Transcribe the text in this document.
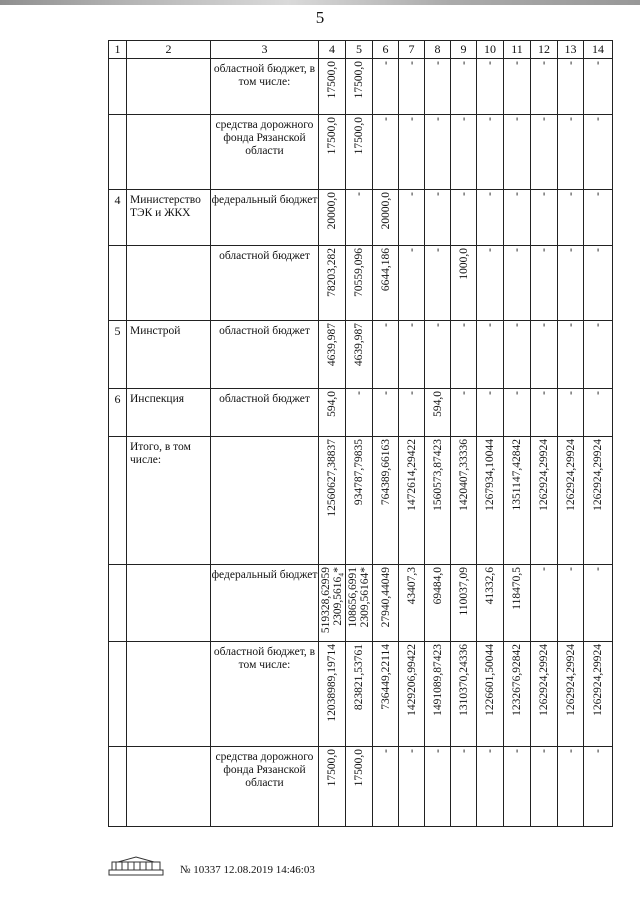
5
1	2	3	4	5	6	7	8	9	10	11	12	13	14
		областной бюджет, в том числе:	17500,0	17500,0	-	-	-	-	-	-	-	-	-

		средства дорожного фонда Рязанской области	17500,0	17500,0	-	-	-	-	-	-	-	-	-

4	Министерство ТЭК и ЖКХ	федеральный бюджет	20000,0	-	20000,0	-	-	-	-	-	-	-	-

		областной бюджет	78203,282	70559,096	6644,186	-	-	1000,0	-	-	-	-	-

5	Минстрой	областной бюджет	4639,987	4639,987	-	-	-	-	-	-	-	-	-

6	Инспекция	областной бюджет	594,0	-	-	-	594,0	-	-	-	-	-	-

	Итого, в том числе:		12560627,38837	934787,79835	764389,66163	1472614,29422	1560573,87423	1420407,33336	1267934,10044	1351147,42842	1262924,29924	1262924,29924	1262924,29924

		федеральный бюджет	519328,62959 2309,5616₄*	108656,6991 2309,56164*	27940,44049	43407,3	69484,0	110037,09	41332,6	118470,5	-	-	-

		областной бюджет, в том числе:	12038989,19714	823821,53761	736449,22114	1429206,99422	1491089,87423	1310370,24336	1226601,50044	1232676,92842	1262924,29924	1262924,29924	1262924,29924

		средства дорожного фонда Рязанской области	17500,0	17500,0	-	-	-	-	-	-	-	-	-
№ 10337 12.08.2019 14:46:03
